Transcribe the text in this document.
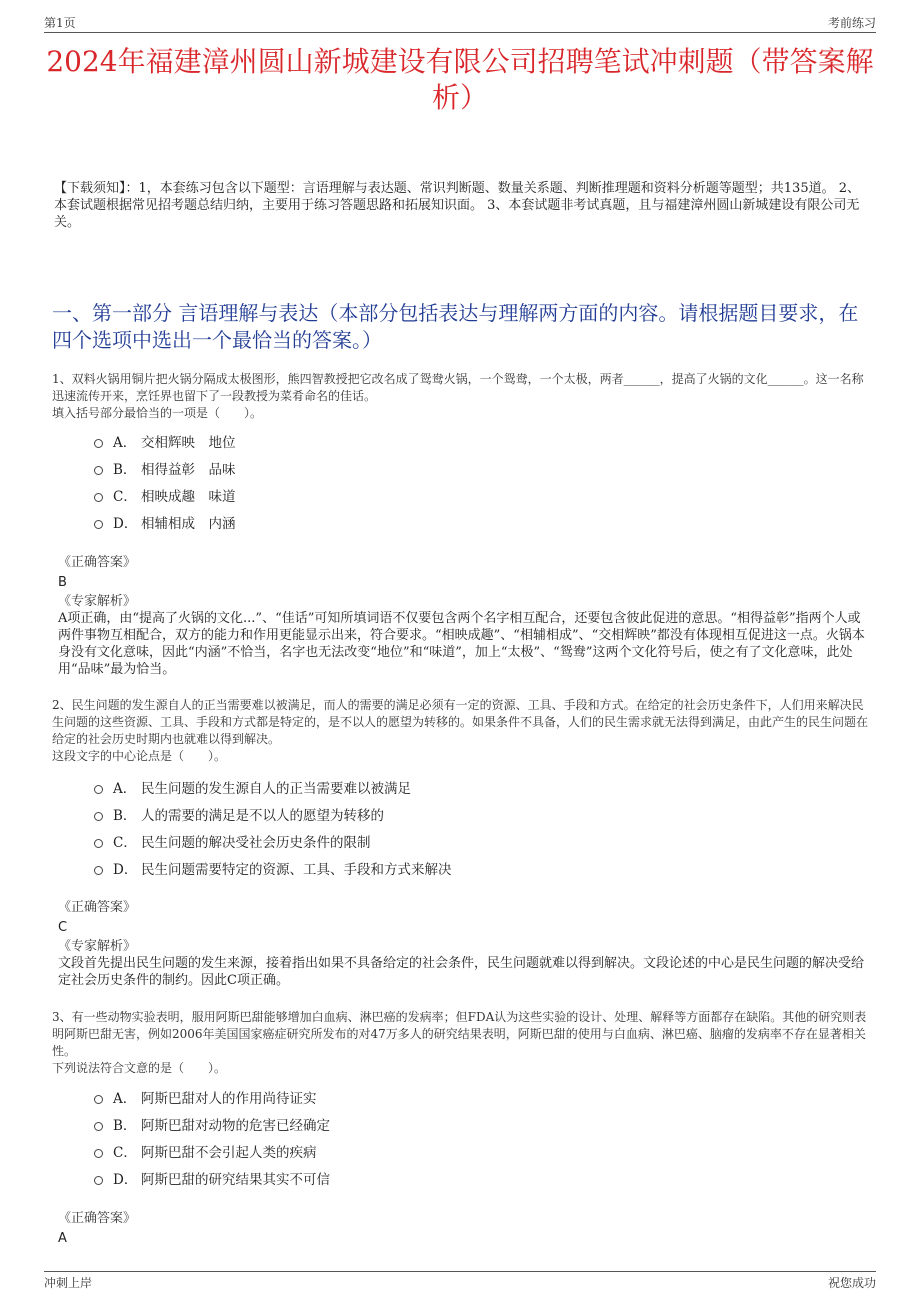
第1页	考前练习
2024年福建漳州圆山新城建设有限公司招聘笔试冲刺题（带答案解析）
【下载须知】：1，本套练习包含以下题型：言语理解与表达题、常识判断题、数量关系题、判断推理题和资料分析题等题型；共135道。 2、本套试题根据常见招考题总结归纳，主要用于练习答题思路和拓展知识面。 3、本套试题非考试真题，且与福建漳州圆山新城建设有限公司无关。
一、第一部分 言语理解与表达（本部分包括表达与理解两方面的内容。请根据题目要求，在四个选项中选出一个最恰当的答案。）

1、双料火锅用铜片把火锅分隔成太极图形，熊四智教授把它改名成了鸳鸯火锅，一个鸳鸯，一个太极，两者______，提高了火锅的文化______。这一名称迅速流传开来，烹饪界也留下了一段教授为菜肴命名的佳话。

填入括号部分最恰当的一项是（　　）。

A． 交相辉映　地位
B． 相得益彰　品味
C． 相映成趣　味道
D． 相辅相成　内涵
《正确答案》
B
《专家解析》
A项正确，由“提高了火锅的文化...”、“佳话”可知所填词语不仅要包含两个名字相互配合，还要包含彼此促进的意思。“相得益彰”指两个人或两件事物互相配合，双方的能力和作用更能显示出来，符合要求。“相映成趣”、“相辅相成”、“交相辉映”都没有体现相互促进这一点。火锅本身没有文化意味，因此“内涵”不恰当，名字也无法改变“地位”和“味道”，加上“太极”、“鸳鸯”这两个文化符号后，使之有了文化意味，此处用“品味”最为恰当。

2、民生问题的发生源自人的正当需要难以被满足，而人的需要的满足必须有一定的资源、工具、手段和方式。在给定的社会历史条件下，人们用来解决民生问题的这些资源、工具、手段和方式都是特定的，是不以人的愿望为转移的。如果条件不具备，人们的民生需求就无法得到满足，由此产生的民生问题在给定的社会历史时期内也就难以得到解决。

这段文字的中心论点是（　　）。

A． 民生问题的发生源自人的正当需要难以被满足
B． 人的需要的满足是不以人的愿望为转移的
C． 民生问题的解决受社会历史条件的限制
D． 民生问题需要特定的资源、工具、手段和方式来解决
《正确答案》
C
《专家解析》
文段首先提出民生问题的发生来源，接着指出如果不具备给定的社会条件，民生问题就难以得到解决。文段论述的中心是民生问题的解决受给定社会历史条件的制约。因此C项正确。

3、有一些动物实验表明，服用阿斯巴甜能够增加白血病、淋巴癌的发病率；但FDA认为这些实验的设计、处理、解释等方面都存在缺陷。其他的研究则表明阿斯巴甜无害，例如2006年美国国家癌症研究所发布的对47万多人的研究结果表明，阿斯巴甜的使用与白血病、淋巴癌、脑瘤的发病率不存在显著相关性。

下列说法符合文意的是（　　）。

A． 阿斯巴甜对人的作用尚待证实
B． 阿斯巴甜对动物的危害已经确定
C． 阿斯巴甜不会引起人类的疾病
D． 阿斯巴甜的研究结果其实不可信
《正确答案》
A
冲刺上岸	祝您成功
